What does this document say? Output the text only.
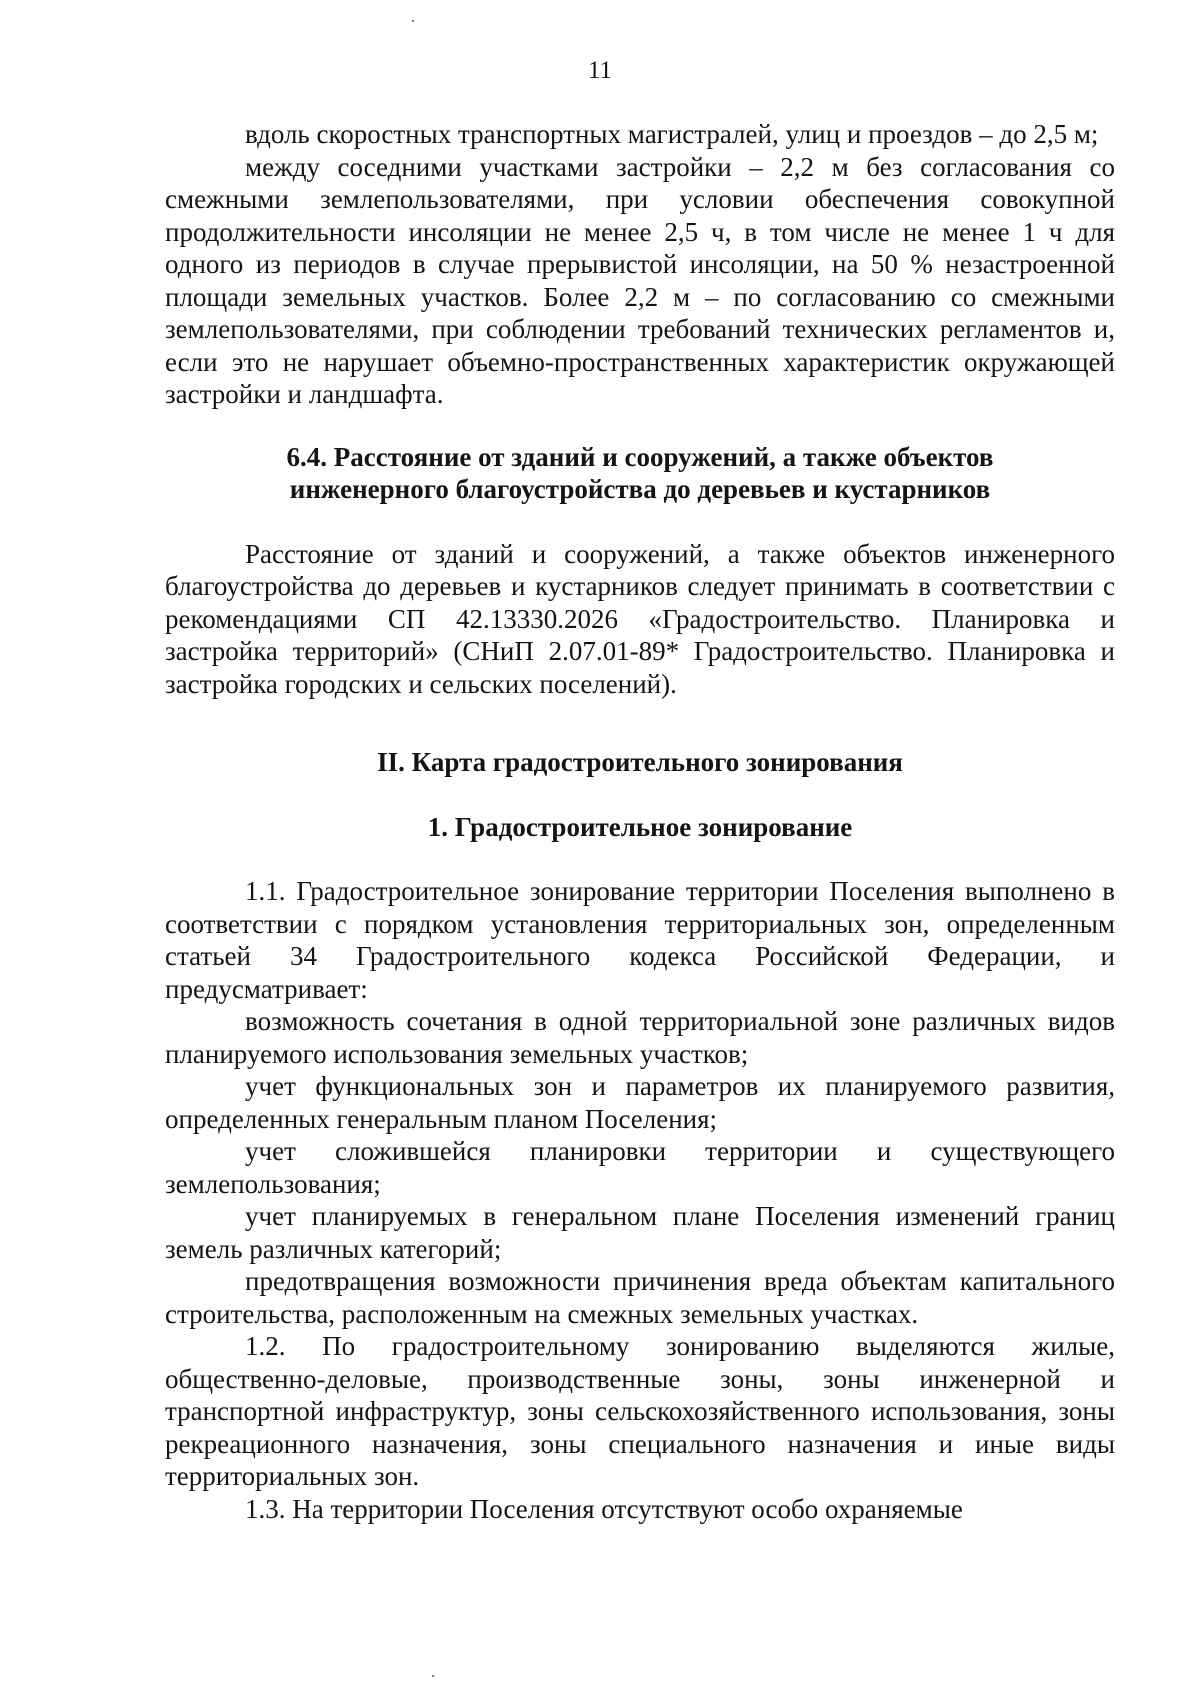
11

вдоль скоростных транспортных магистралей, улиц и проездов – до 2,5 м;

между соседними участками застройки – 2,2 м без согласования со смежными землепользователями, при условии обеспечения совокупной продолжительности инсоляции не менее 2,5 ч, в том числе не менее 1 ч для одного из периодов в случае прерывистой инсоляции, на 50 % незастроенной площади земельных участков. Более 2,2 м – по согласованию со смежными землепользователями, при соблюдении требований технических регламентов и, если это не нарушает объемно-пространственных характеристик окружающей застройки и ландшафта.

6.4. Расстояние от зданий и сооружений, а также объектов

инженерного благоустройства до деревьев и кустарников

Расстояние от зданий и сооружений, а также объектов инженерного благоустройства до деревьев и кустарников следует принимать в соответствии с рекомендациями СП 42.13330.2026 «Градостроительство. Планировка и застройка территорий» (СНиП 2.07.01-89* Градостроительство. Планировка и застройка городских и сельских поселений).

II. Карта градостроительного зонирования

1. Градостроительное зонирование

1.1. Градостроительное зонирование территории Поселения выполнено в соответствии с порядком установления территориальных зон, определенным статьей 34 Градостроительного кодекса Российской Федерации, и предусматривает:

возможность сочетания в одной территориальной зоне различных видов планируемого использования земельных участков;

учет функциональных зон и параметров их планируемого развития, определенных генеральным планом Поселения;

учет сложившейся планировки территории и существующего землепользования;

учет планируемых в генеральном плане Поселения изменений границ земель различных категорий;

предотвращения возможности причинения вреда объектам капитального строительства, расположенным на смежных земельных участках.

1.2. По градостроительному зонированию выделяются жилые, общественно-деловые, производственные зоны, зоны инженерной и транспортной инфраструктур, зоны сельскохозяйственного использования, зоны рекреационного назначения, зоны специального назначения и иные виды территориальных зон.

1.3. На территории Поселения отсутствуют особо охраняемые
